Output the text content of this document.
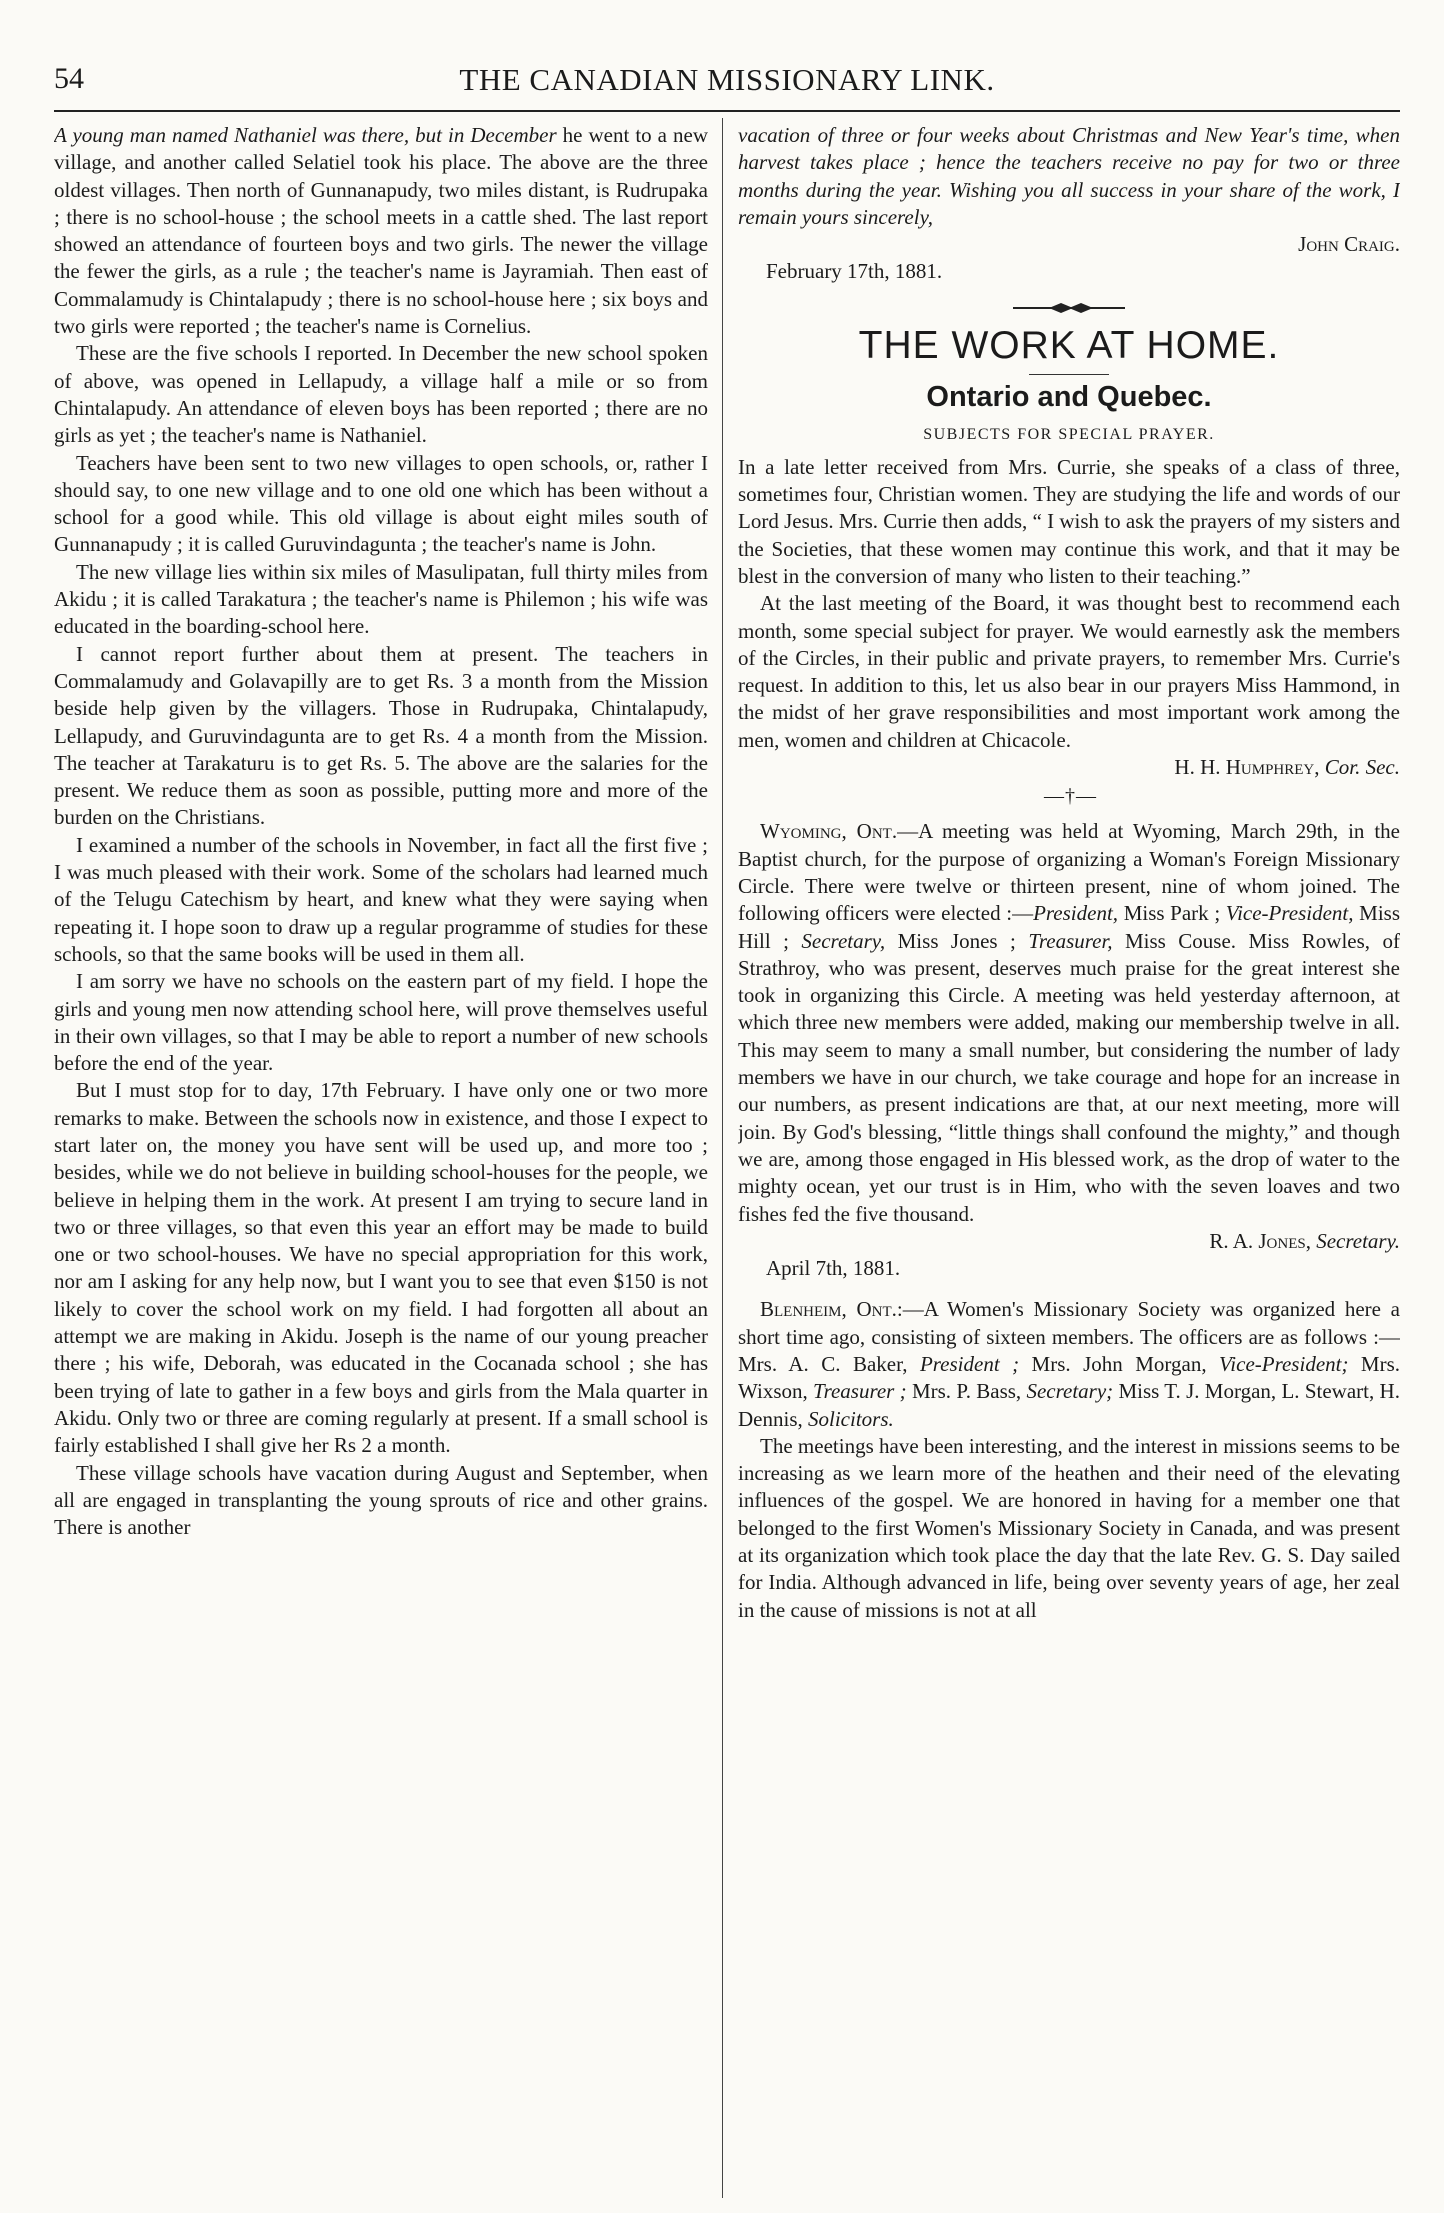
54	THE CANADIAN MISSIONARY LINK.

A young man named Nathaniel was there, but in December he went to a new village, and another called Selatiel took his place. The above are the three oldest villages. Then north of Gunnanapudy, two miles distant, is Rudrupaka ; there is no school-house ; the school meets in a cattle shed. The last report showed an attendance of fourteen boys and two girls. The newer the village the fewer the girls, as a rule ; the teacher's name is Jayramiah. Then east of Commalamudy is Chintalapudy ; there is no school-house here ; six boys and two girls were reported ; the teacher's name is Cornelius.

These are the five schools I reported. In December the new school spoken of above, was opened in Lellapudy, a village half a mile or so from Chintalapudy. An attendance of eleven boys has been reported ; there are no girls as yet ; the teacher's name is Nathaniel.

Teachers have been sent to two new villages to open schools, or, rather I should say, to one new village and to one old one which has been without a school for a good while. This old village is about eight miles south of Gunnanapudy ; it is called Guruvindagunta ; the teacher's name is John.

The new village lies within six miles of Masulipatan, full thirty miles from Akidu ; it is called Tarakatura ; the teacher's name is Philemon ; his wife was educated in the boarding-school here.

I cannot report further about them at present. The teachers in Commalamudy and Golavapilly are to get Rs. 3 a month from the Mission beside help given by the villagers. Those in Rudrupaka, Chintalapudy, Lellapudy, and Guruvindagunta are to get Rs. 4 a month from the Mission. The teacher at Tarakaturu is to get Rs. 5. The above are the salaries for the present. We reduce them as soon as possible, putting more and more of the burden on the Christians.

I examined a number of the schools in November, in fact all the first five ; I was much pleased with their work. Some of the scholars had learned much of the Telugu Catechism by heart, and knew what they were saying when repeating it. I hope soon to draw up a regular programme of studies for these schools, so that the same books will be used in them all.

I am sorry we have no schools on the eastern part of my field. I hope the girls and young men now attending school here, will prove themselves useful in their own villages, so that I may be able to report a number of new schools before the end of the year.

But I must stop for to day, 17th February. I have only one or two more remarks to make. Between the schools now in existence, and those I expect to start later on, the money you have sent will be used up, and more too ; besides, while we do not believe in building school-houses for the people, we believe in helping them in the work. At present I am trying to secure land in two or three villages, so that even this year an effort may be made to build one or two school-houses. We have no special appropriation for this work, nor am I asking for any help now, but I want you to see that even $150 is not likely to cover the school work on my field. I had forgotten all about an attempt we are making in Akidu. Joseph is the name of our young preacher there ; his wife, Deborah, was educated in the Cocanada school ; she has been trying of late to gather in a few boys and girls from the Mala quarter in Akidu. Only two or three are coming regularly at present. If a small school is fairly established I shall give her Rs 2 a month.

These village schools have vacation during August and September, when all are engaged in transplanting the young sprouts of rice and other grains. There is another

vacation of three or four weeks about Christmas and New Year's time, when harvest takes place ; hence the teachers receive no pay for two or three months during the year. Wishing you all success in your share of the work, I remain yours sincerely,

John Craig.

February 17th, 1881.

THE WORK AT HOME.
Ontario and Quebec.
SUBJECTS FOR SPECIAL PRAYER.

In a late letter received from Mrs. Currie, she speaks of a class of three, sometimes four, Christian women. They are studying the life and words of our Lord Jesus. Mrs. Currie then adds, “ I wish to ask the prayers of my sisters and the Societies, that these women may continue this work, and that it may be blest in the conversion of many who listen to their teaching.”

At the last meeting of the Board, it was thought best to recommend each month, some special subject for prayer. We would earnestly ask the members of the Circles, in their public and private prayers, to remember Mrs. Currie's request. In addition to this, let us also bear in our prayers Miss Hammond, in the midst of her grave responsibilities and most important work among the men, women and children at Chicacole.

H. H. Humphrey, Cor. Sec.

— † —

Wyoming, Ont.—A meeting was held at Wyoming, March 29th, in the Baptist church, for the purpose of organizing a Woman's Foreign Missionary Circle. There were twelve or thirteen present, nine of whom joined. The following officers were elected :—President, Miss Park ; Vice-President, Miss Hill ; Secretary, Miss Jones ; Treasurer, Miss Couse. Miss Rowles, of Strathroy, who was present, deserves much praise for the great interest she took in organizing this Circle. A meeting was held yesterday afternoon, at which three new members were added, making our membership twelve in all. This may seem to many a small number, but considering the number of lady members we have in our church, we take courage and hope for an increase in our numbers, as present indications are that, at our next meeting, more will join. By God's blessing, “little things shall confound the mighty,” and though we are, among those engaged in His blessed work, as the drop of water to the mighty ocean, yet our trust is in Him, who with the seven loaves and two fishes fed the five thousand.

R. A. Jones, Secretary.

April 7th, 1881.

Blenheim, Ont.:—A Women's Missionary Society was organized here a short time ago, consisting of sixteen members. The officers are as follows :—Mrs. A. C. Baker, President ; Mrs. John Morgan, Vice-President; Mrs. Wixson, Treasurer ; Mrs. P. Bass, Secretary; Miss T. J. Morgan, L. Stewart, H. Dennis, Solicitors.

The meetings have been interesting, and the interest in missions seems to be increasing as we learn more of the heathen and their need of the elevating influences of the gospel. We are honored in having for a member one that belonged to the first Women's Missionary Society in Canada, and was present at its organization which took place the day that the late Rev. G. S. Day sailed for India. Although advanced in life, being over seventy years of age, her zeal in the cause of missions is not at all
